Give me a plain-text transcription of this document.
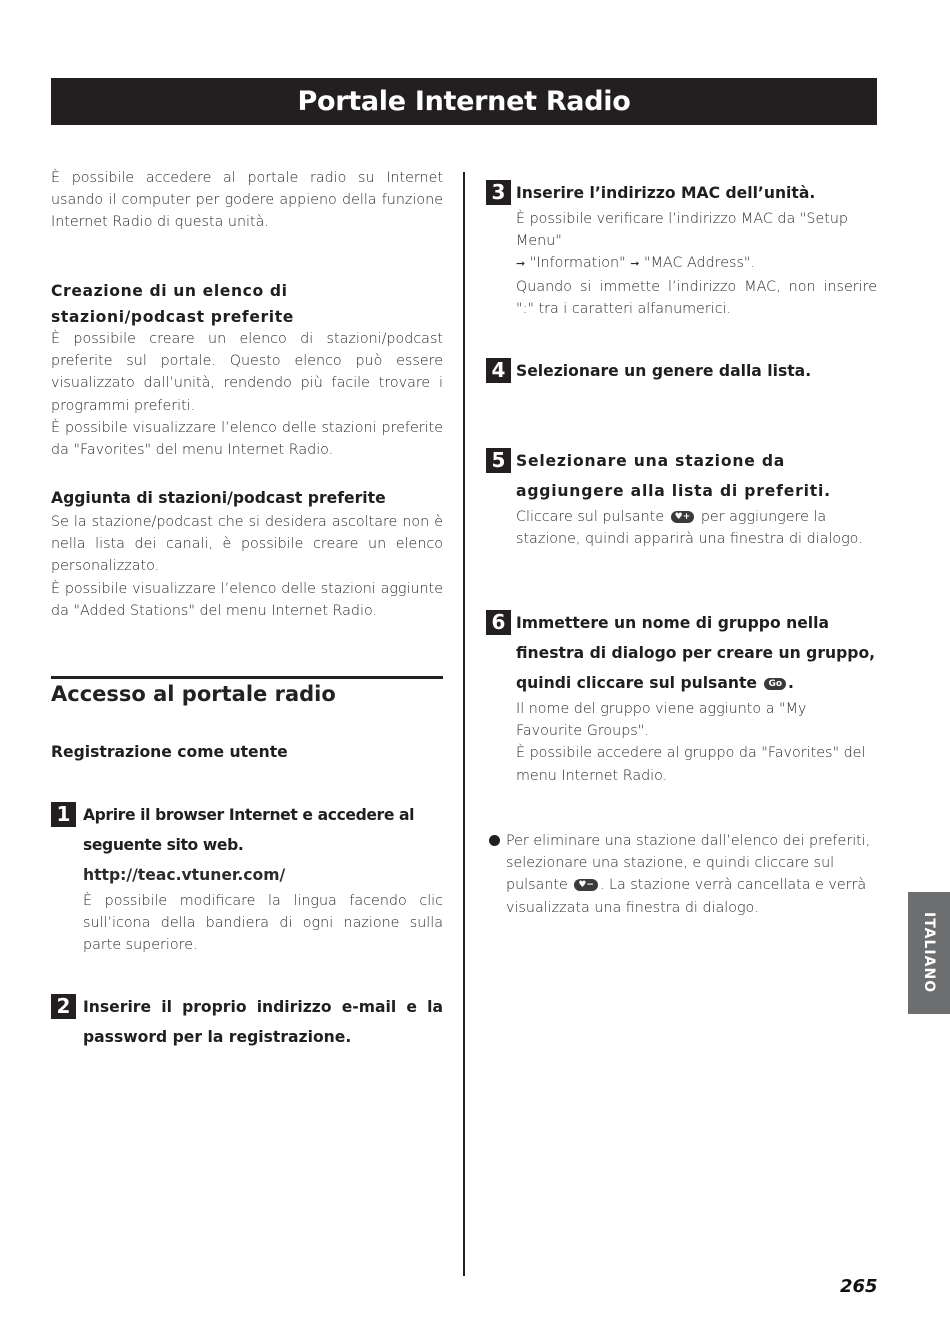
Portale Internet Radio

È possibile accedere al portale radio su Internet usando il computer per godere appieno della funzione Internet Radio di questa unità.

Creazione di un elenco di stazioni/podcast preferite

È possibile creare un elenco di stazioni/podcast preferite sul portale. Questo elenco può essere visualizzato dall’unità, rendendo più facile trovare i programmi preferiti.

È possibile visualizzare l’elenco delle stazioni preferite da "Favorites" del menu Internet Radio.

Aggiunta di stazioni/podcast preferite

Se la stazione/podcast che si desidera ascoltare non è nella lista dei canali, è possibile creare un elenco personalizzato.

È possibile visualizzare l’elenco delle stazioni aggiunte da "Added Stations" del menu Internet Radio.

Accesso al portale radio
Registrazione come utente
1 Aprire il browser Internet e accedere al seguente sito web.
http://teac.vtuner.com/

È possibile modificare la lingua facendo clic sull’icona della bandiera di ogni nazione sulla parte superiore.

2 Inserire il proprio indirizzo e-mail e la password per la registrazione.
3 Inserire l’indirizzo MAC dell’unità.

È possibile verificare l’indirizzo MAC da "Setup Menu"
➞ "Information" ➞ "MAC Address".

Quando si immette l’indirizzo MAC, non inserire ":" tra i caratteri alfanumerici.

4 Selezionare un genere dalla lista.
5 Selezionare una stazione da aggiungere alla lista di preferiti.

Cliccare sul pulsante ♥+ per aggiungere la stazione, quindi apparirà una finestra di dialogo.

6 Immettere un nome di gruppo nella finestra di dialogo per creare un gruppo, quindi cliccare sul pulsante Go .

Il nome del gruppo viene aggiunto a "My Favourite Groups".

È possibile accedere al gruppo da "Favorites" del menu Internet Radio.

Per eliminare una stazione dall’elenco dei preferiti, selezionare una stazione, e quindi cliccare sul pulsante ♥− . La stazione verrà cancellata e verrà visualizzata una finestra di dialogo.

ITALIANO
265
